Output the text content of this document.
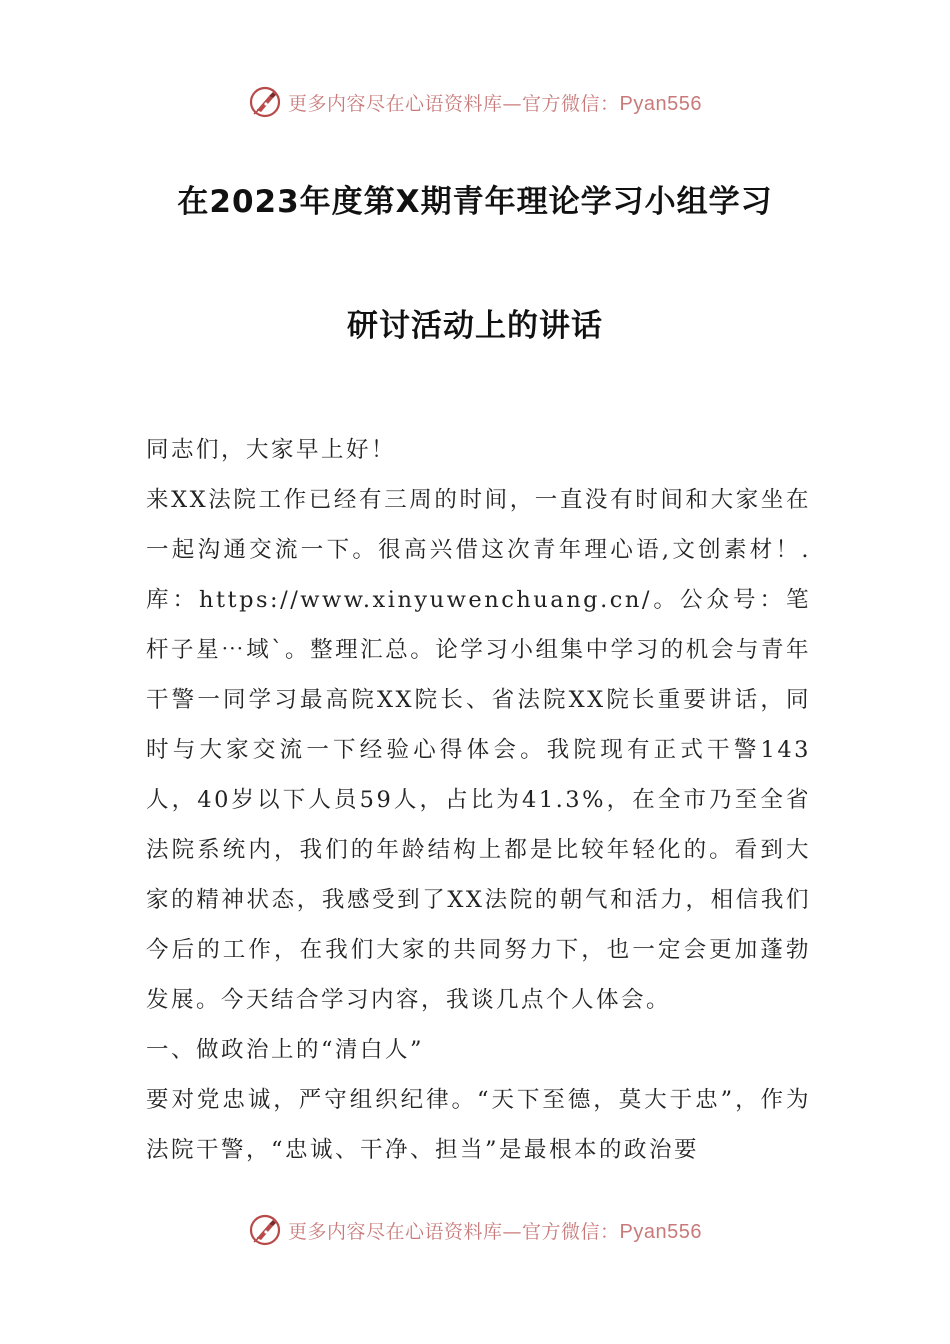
更多内容尽在心语资料库—官方微信：Pyan556
在2023年度第X期青年理论学习小组学习
研讨活动上的讲话

同志们，大家早上好！

来XX法院工作已经有三周的时间，一直没有时间和大家坐在一起沟通交流一下。很高兴借这次青年理心语,文创素材！.库：https://www.xinyuwenchuang.cn/。公众号：笔杆子星⋯域`。整理汇总。论学习小组集中学习的机会与青年干警一同学习最高院XX院长、省法院XX院长重要讲话，同时与大家交流一下经验心得体会。我院现有正式干警143人，40岁以下人员59人，占比为41.3%，在全市乃至全省法院系统内，我们的年龄结构上都是比较年轻化的。看到大家的精神状态，我感受到了XX法院的朝气和活力，相信我们今后的工作，在我们大家的共同努力下，也一定会更加蓬勃发展。今天结合学习内容，我谈几点个人体会。

一、做政治上的“清白人”

要对党忠诚，严守组织纪律。“天下至德，莫大于忠”，作为法院干警，“忠诚、干净、担当”是最根本的政治要

更多内容尽在心语资料库—官方微信：Pyan556
